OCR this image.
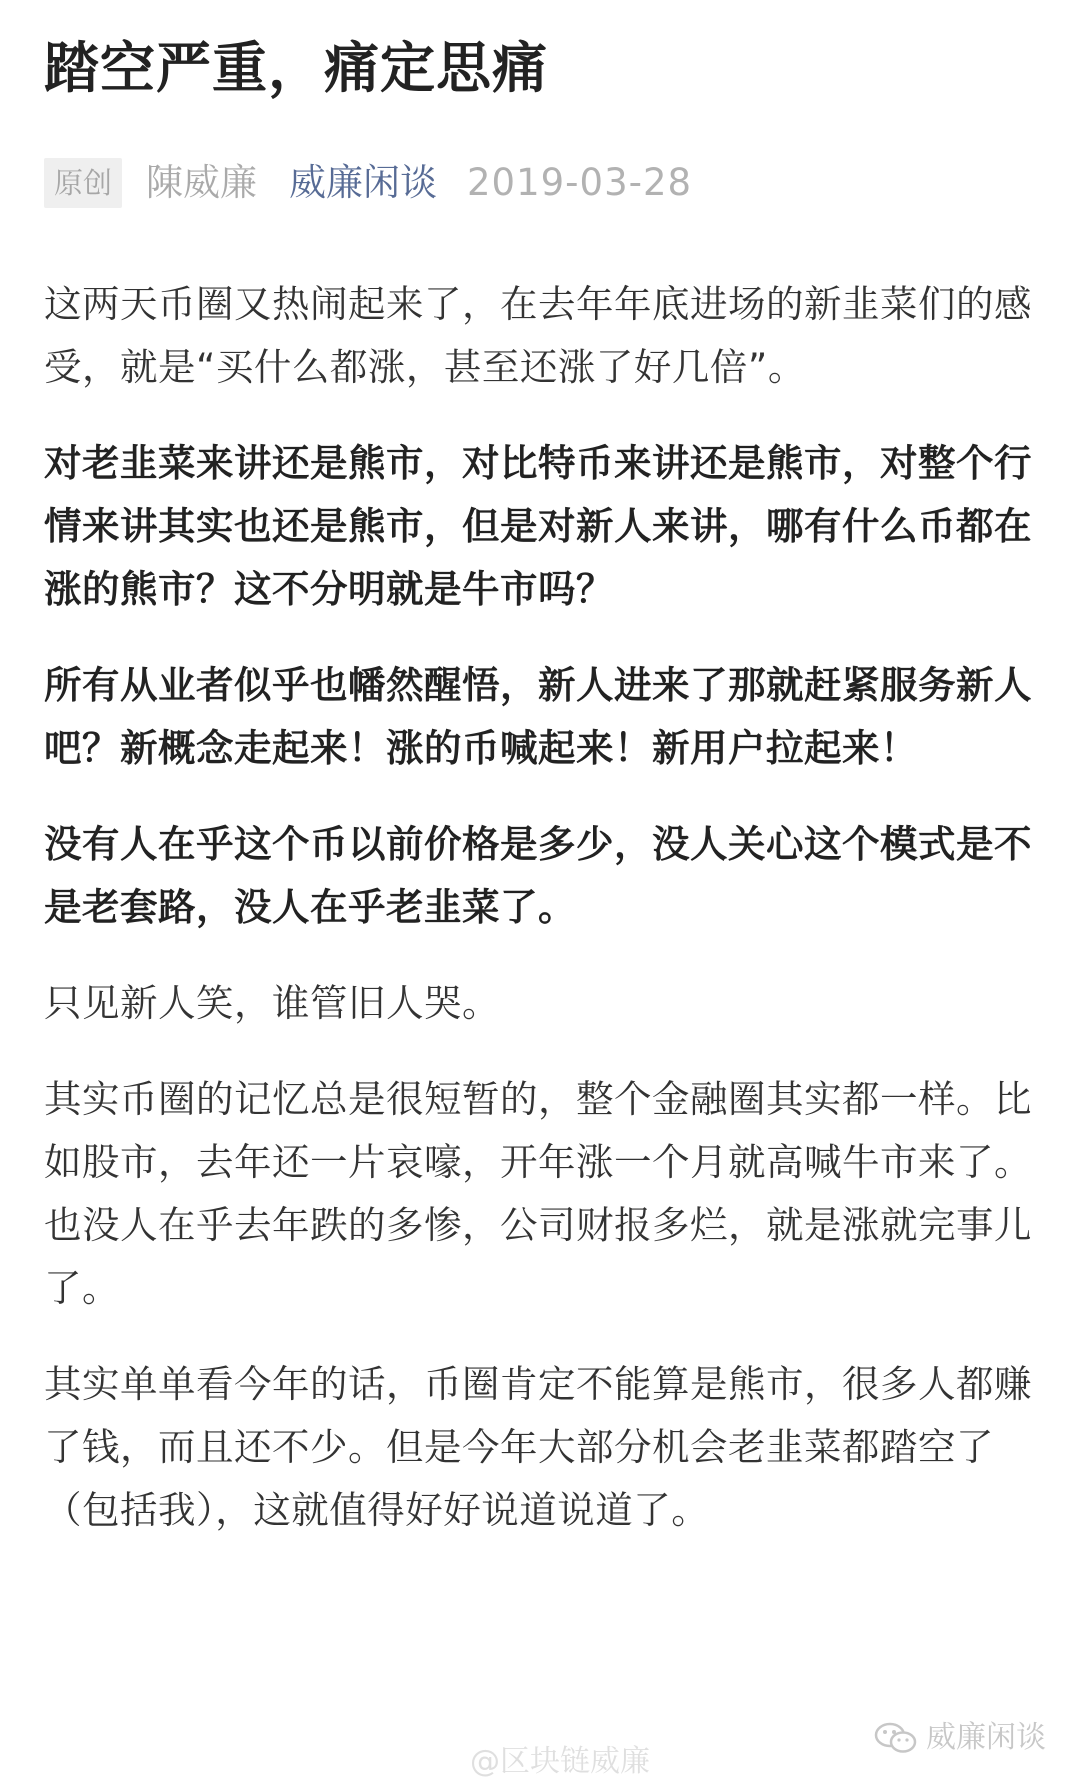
踏空严重，痛定思痛
原创 陳威廉 威廉闲谈 2019-03-28

这两天币圈又热闹起来了，在去年年底进场的新韭菜们的感受，就是“买什么都涨，甚至还涨了好几倍”。

对老韭菜来讲还是熊市，对比特币来讲还是熊市，对整个行情来讲其实也还是熊市，但是对新人来讲，哪有什么币都在涨的熊市？这不分明就是牛市吗？

所有从业者似乎也幡然醒悟，新人进来了那就赶紧服务新人吧？新概念走起来！涨的币喊起来！新用户拉起来！

没有人在乎这个币以前价格是多少，没人关心这个模式是不是老套路，没人在乎老韭菜了。

只见新人笑，谁管旧人哭。

其实币圈的记忆总是很短暂的，整个金融圈其实都一样。比如股市，去年还一片哀嚎，开年涨一个月就高喊牛市来了。也没人在乎去年跌的多惨，公司财报多烂，就是涨就完事儿了。

其实单单看今年的话，币圈肯定不能算是熊市，很多人都赚了钱，而且还不少。但是今年大部分机会老韭菜都踏空了（包括我），这就值得好好说道说道了。

@区块链威廉
威廉闲谈
